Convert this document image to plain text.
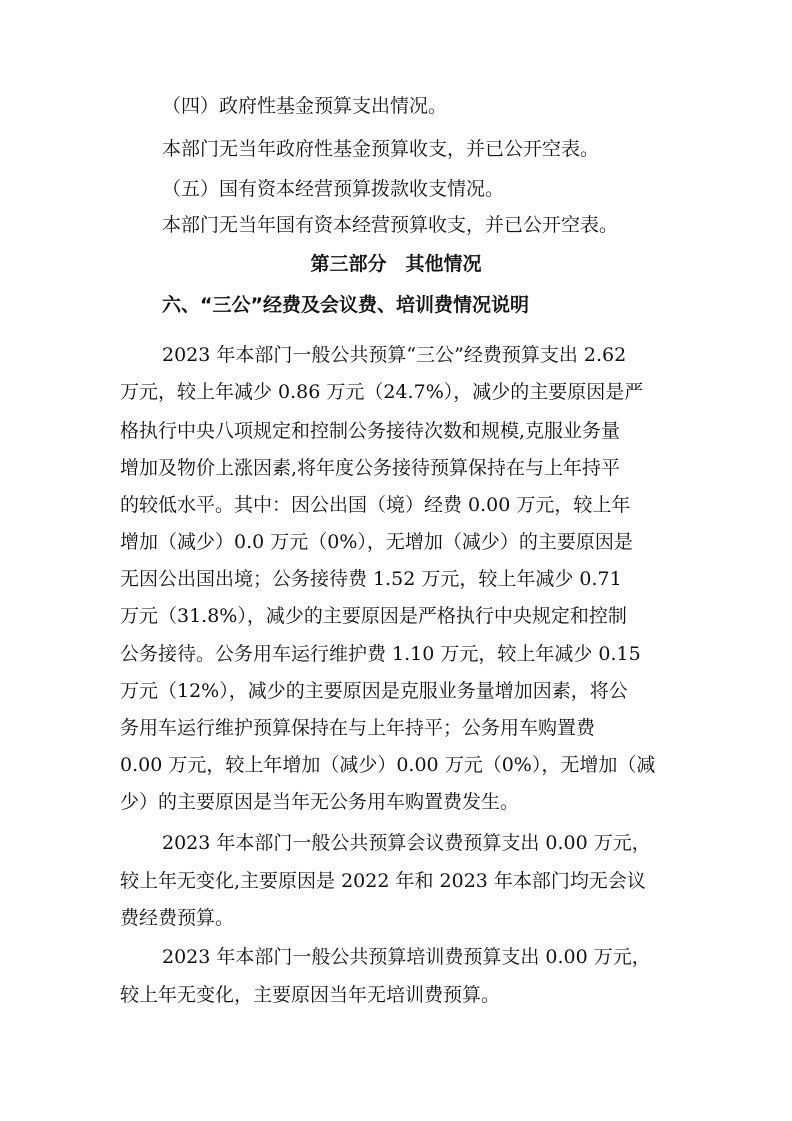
（四）政府性基金预算支出情况。
本部门无当年政府性基金预算收支，并已公开空表。
（五）国有资本经营预算拨款收支情况。
本部门无当年国有资本经营预算收支，并已公开空表。
第三部分　其他情况
六、“三公”经费及会议费、培训费情况说明
2023 年本部门一般公共预算“三公”经费预算支出 2.62
万元，较上年减少 0.86 万元（24.7%），减少的主要原因是严
格执行中央八项规定和控制公务接待次数和规模,克服业务量
增加及物价上涨因素,将年度公务接待预算保持在与上年持平
的较低水平。其中：因公出国（境）经费 0.00 万元，较上年
增加（减少）0.0 万元（0%），无增加（减少）的主要原因是
无因公出国出境；公务接待费 1.52 万元，较上年减少 0.71
万元（31.8%），减少的主要原因是严格执行中央规定和控制
公务接待。公务用车运行维护费 1.10 万元，较上年减少 0.15
万元（12%），减少的主要原因是克服业务量增加因素，将公
务用车运行维护预算保持在与上年持平；公务用车购置费
0.00 万元，较上年增加（减少）0.00 万元（0%），无增加（减
少）的主要原因是当年无公务用车购置费发生。
2023 年本部门一般公共预算会议费预算支出 0.00 万元，
较上年无变化,主要原因是 2022 年和 2023 年本部门均无会议
费经费预算。
2023 年本部门一般公共预算培训费预算支出 0.00 万元，
较上年无变化，主要原因当年无培训费预算。
